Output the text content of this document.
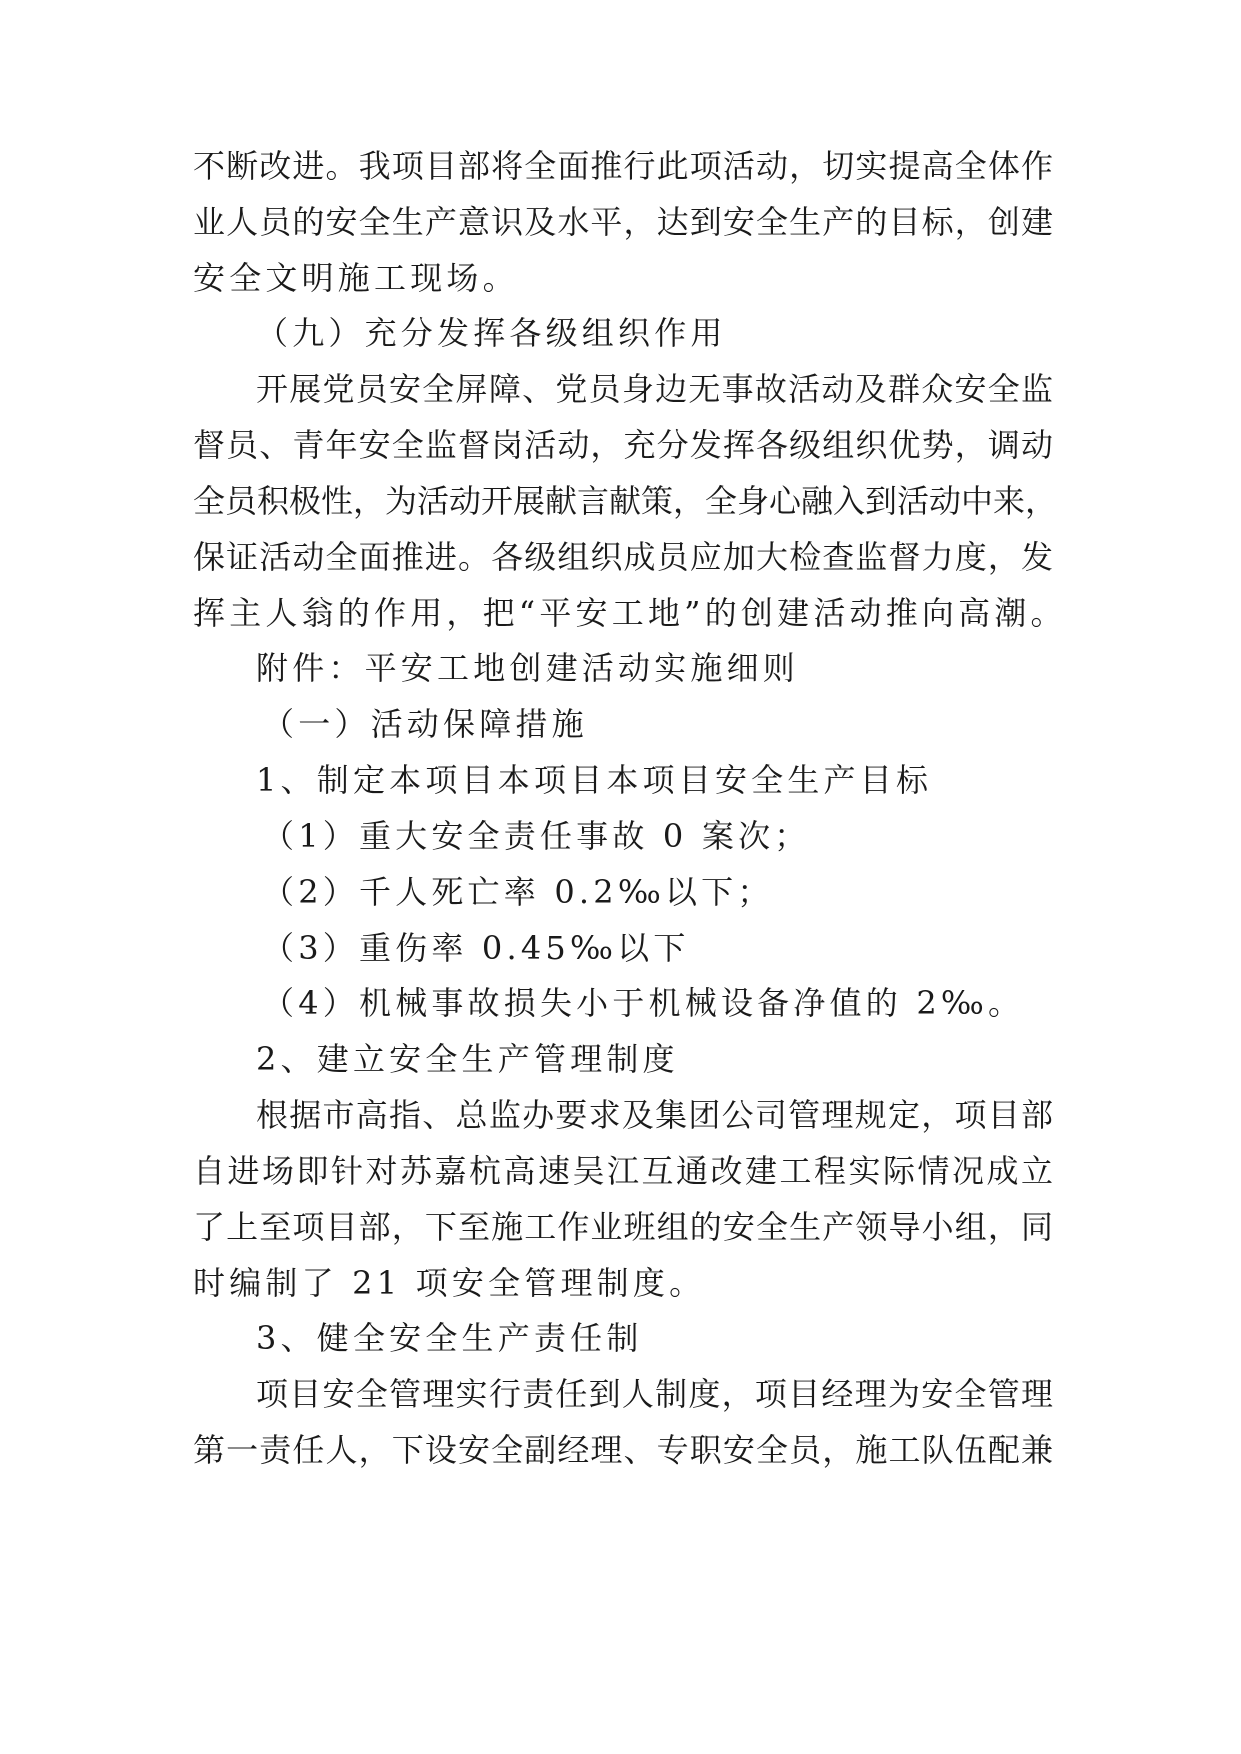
不断改进。我项目部将全面推行此项活动，切实提高全体作
业人员的安全生产意识及水平，达到安全生产的目标，创建
安全文明施工现场。
（九）充分发挥各级组织作用
开展党员安全屏障、党员身边无事故活动及群众安全监
督员、青年安全监督岗活动，充分发挥各级组织优势，调动
全员积极性，为活动开展献言献策，全身心融入到活动中来，
保证活动全面推进。各级组织成员应加大检查监督力度，发
挥主人翁的作用，把“平安工地”的创建活动推向高潮。
附件：平安工地创建活动实施细则
（一）活动保障措施
1、制定本项目本项目本项目安全生产目标
（1）重大安全责任事故 0 案次；
（2）千人死亡率 0.2‰以下；
（3）重伤率 0.45‰以下
（4）机械事故损失小于机械设备净值的 2‰。
2、建立安全生产管理制度
根据市高指、总监办要求及集团公司管理规定，项目部
自进场即针对苏嘉杭高速吴江互通改建工程实际情况成立
了上至项目部，下至施工作业班组的安全生产领导小组，同
时编制了 21 项安全管理制度。
3、健全安全生产责任制
项目安全管理实行责任到人制度，项目经理为安全管理
第一责任人，下设安全副经理、专职安全员，施工队伍配兼
